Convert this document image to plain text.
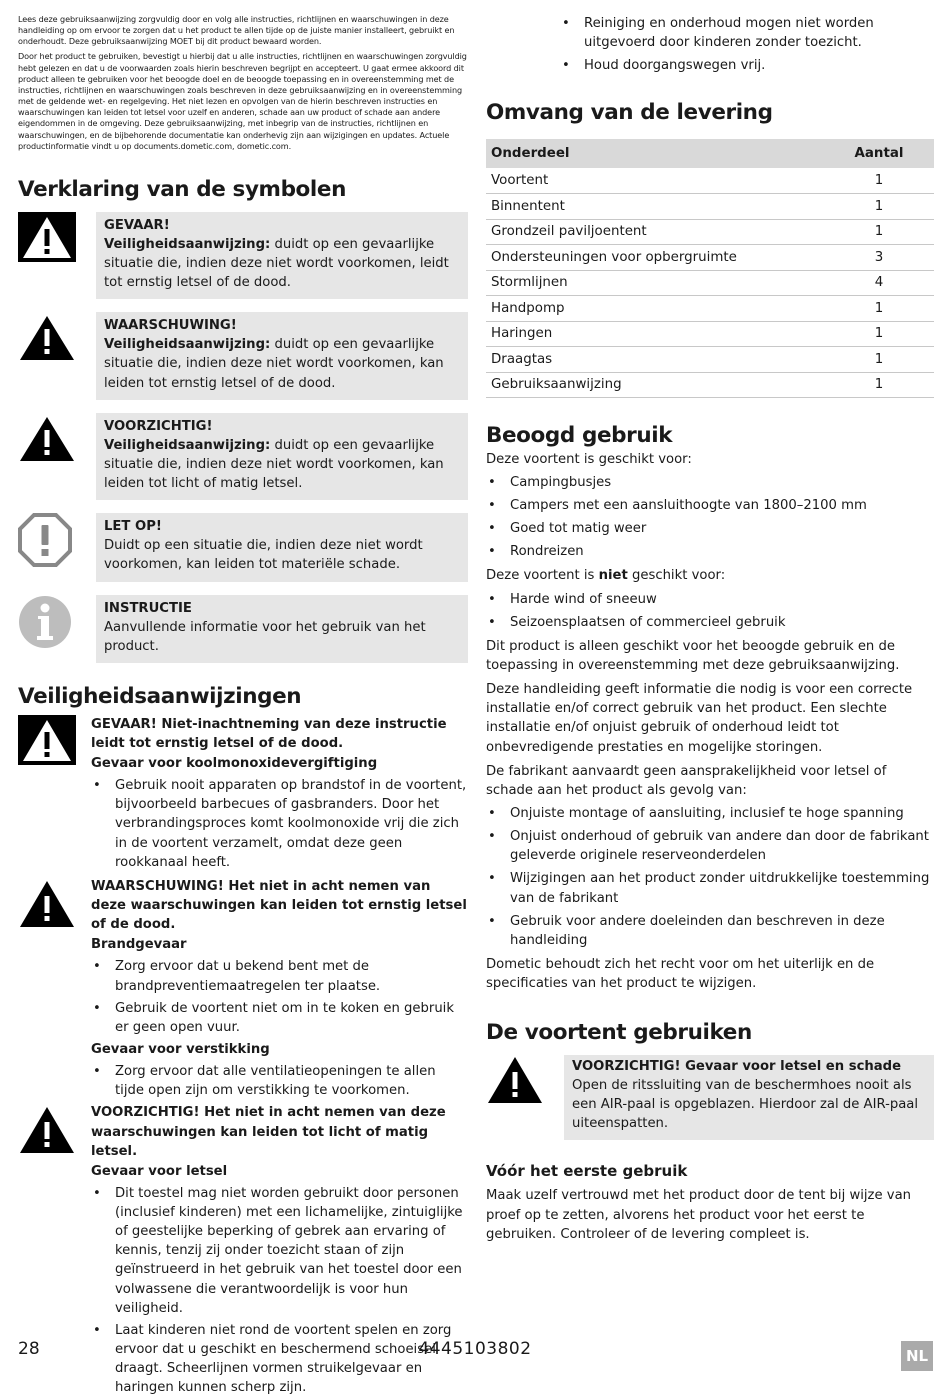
Lees deze gebruiksaanwijzing zorgvuldig door en volg alle instructies, richtlijnen en waarschuwingen in deze handleiding op om ervoor te zorgen dat u het product te allen tijde op de juiste manier installeert, gebruikt en onderhoudt. Deze gebruiksaanwijzing MOET bij dit product bewaard worden.

Door het product te gebruiken, bevestigt u hierbij dat u alle instructies, richtlijnen en waarschuwingen zorgvuldig hebt gelezen en dat u de voorwaarden zoals hierin beschreven begrijpt en accepteert. U gaat ermee akkoord dit product alleen te gebruiken voor het beoogde doel en de beoogde toepassing en in overeenstemming met de instructies, richtlijnen en waarschuwingen zoals beschreven in deze gebruiksaanwijzing en in overeenstemming met de geldende wet- en regelgeving. Het niet lezen en opvolgen van de hierin beschreven instructies en waarschuwingen kan leiden tot letsel voor uzelf en anderen, schade aan uw product of schade aan andere eigendommen in de omgeving. Deze gebruiksaanwijzing, met inbegrip van de instructies, richtlijnen en waarschuwingen, en de bijbehorende documentatie kan onderhevig zijn aan wijzigingen en updates. Actuele productinformatie vindt u op documents.dometic.com, dometic.com.

Verklaring van de symbolen
GEVAAR!
Veiligheidsaanwijzing: duidt op een gevaarlijke situatie die, indien deze niet wordt voorkomen, leidt tot ernstig letsel of de dood.
WAARSCHUWING!
Veiligheidsaanwijzing: duidt op een gevaarlijke situatie die, indien deze niet wordt voorkomen, kan leiden tot ernstig letsel of de dood.
VOORZICHTIG!
Veiligheidsaanwijzing: duidt op een gevaarlijke situatie die, indien deze niet wordt voorkomen, kan leiden tot licht of matig letsel.
LET OP!
Duidt op een situatie die, indien deze niet wordt voorkomen, kan leiden tot materiële schade.
INSTRUCTIE
Aanvullende informatie voor het gebruik van het product.
Veiligheidsaanwijzingen
GEVAAR! Niet-inachtneming van deze instructie leidt tot ernstig letsel of de dood.
Gevaar voor koolmonoxidevergiftiging
• Gebruik nooit apparaten op brandstof in de voortent, bijvoorbeeld barbecues of gasbranders. Door het verbrandingsproces komt koolmonoxide vrij die zich in de voortent verzamelt, omdat deze geen rookkanaal heeft.
WAARSCHUWING! Het niet in acht nemen van deze waarschuwingen kan leiden tot ernstig letsel of de dood.
Brandgevaar
• Zorg ervoor dat u bekend bent met de brandpreventiemaatregelen ter plaatse.
• Gebruik de voortent niet om in te koken en gebruik er geen open vuur.
Gevaar voor verstikking
• Zorg ervoor dat alle ventilatieopeningen te allen tijde open zijn om verstikking te voorkomen.
VOORZICHTIG! Het niet in acht nemen van deze waarschuwingen kan leiden tot licht of matig letsel.
Gevaar voor letsel
• Dit toestel mag niet worden gebruikt door personen (inclusief kinderen) met een lichamelijke, zintuiglijke of geestelijke beperking of gebrek aan ervaring of kennis, tenzij zij onder toezicht staan of zijn geïnstrueerd in het gebruik van het toestel door een volwassene die verantwoordelijk is voor hun veiligheid.
• Laat kinderen niet rond de voortent spelen en zorg ervoor dat u geschikt en beschermend schoeisel draagt. Scheerlijnen vormen struikelgevaar en haringen kunnen scherp zijn.
• Reiniging en onderhoud mogen niet worden uitgevoerd door kinderen zonder toezicht.
• Houd doorgangswegen vrij.
Omvang van de levering
Onderdeel	Aantal
Voortent	1
Binnentent	1
Grondzeil paviljoentent	1
Ondersteuningen voor opbergruimte	3
Stormlijnen	4
Handpomp	1
Haringen	1
Draagtas	1
Gebruiksaanwijzing	1
Beoogd gebruik

Deze voortent is geschikt voor:

• Campingbusjes
• Campers met een aansluithoogte van 1800–2100 mm
• Goed tot matig weer
• Rondreizen

Deze voortent is niet geschikt voor:

• Harde wind of sneeuw
• Seizoensplaatsen of commercieel gebruik

Dit product is alleen geschikt voor het beoogde gebruik en de toepassing in overeenstemming met deze gebruiksaanwijzing.

Deze handleiding geeft informatie die nodig is voor een correcte installatie en/of correct gebruik van het product. Een slechte installatie en/of onjuist gebruik of onderhoud leidt tot onbevredigende prestaties en mogelijke storingen.

De fabrikant aanvaardt geen aansprakelijkheid voor letsel of schade aan het product als gevolg van:

• Onjuiste montage of aansluiting, inclusief te hoge spanning
• Onjuist onderhoud of gebruik van andere dan door de fabrikant geleverde originele reserveonderdelen
• Wijzigingen aan het product zonder uitdrukkelijke toestemming van de fabrikant
• Gebruik voor andere doeleinden dan beschreven in deze handleiding

Dometic behoudt zich het recht voor om het uiterlijk en de specificaties van het product te wijzigen.

De voortent gebruiken
VOORZICHTIG! Gevaar voor letsel en schade
Open de ritssluiting van de beschermhoes nooit als een AIR-paal is opgeblazen. Hierdoor zal de AIR-paal uiteenspatten.
Vóór het eerste gebruik

Maak uzelf vertrouwd met het product door de tent bij wijze van proef op te zetten, alvorens het product voor het eerst te gebruiken. Controleer of de levering compleet is.

28	4445103802	NL
